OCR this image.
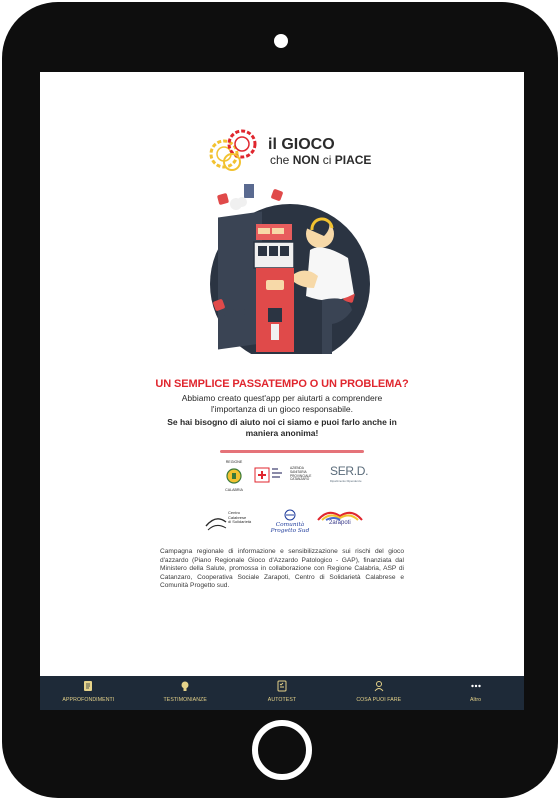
il GIOCO
che NON ci PIACE
UN SEMPLICE PASSATEMPO O UN PROBLEMA?
Abbiamo creato quest'app per aiutarti a comprendere l'importanza di un gioco responsabile.
Se hai bisogno di aiuto noi ci siamo e puoi farlo anche in maniera anonima!
REGIONE
CALABRIA
AZIENDA
SANITARIA
PROVINCIALE
CATANZARO
SER.D.
Dipartimento Dipendenze
Centro
Calabrese
di Solidarietà
Comunità
Progetto Sud
2arapoti
Campagna regionale di informazione e sensibilizzazione sui rischi del gioco d'azzardo (Piano Regionale Gioco d'Azzardo Patologico - GAP), finanziata dal Ministero della Salute, promossa in collaborazione con Regione Calabria, ASP di Catanzaro, Cooperativa Sociale Zarapoti, Centro di Solidarietà Calabrese e Comunità Progetto sud.
APPROFONDIMENTI	TESTIMONIANZE	AUTOTEST	COSA PUOI FARE	Altro
